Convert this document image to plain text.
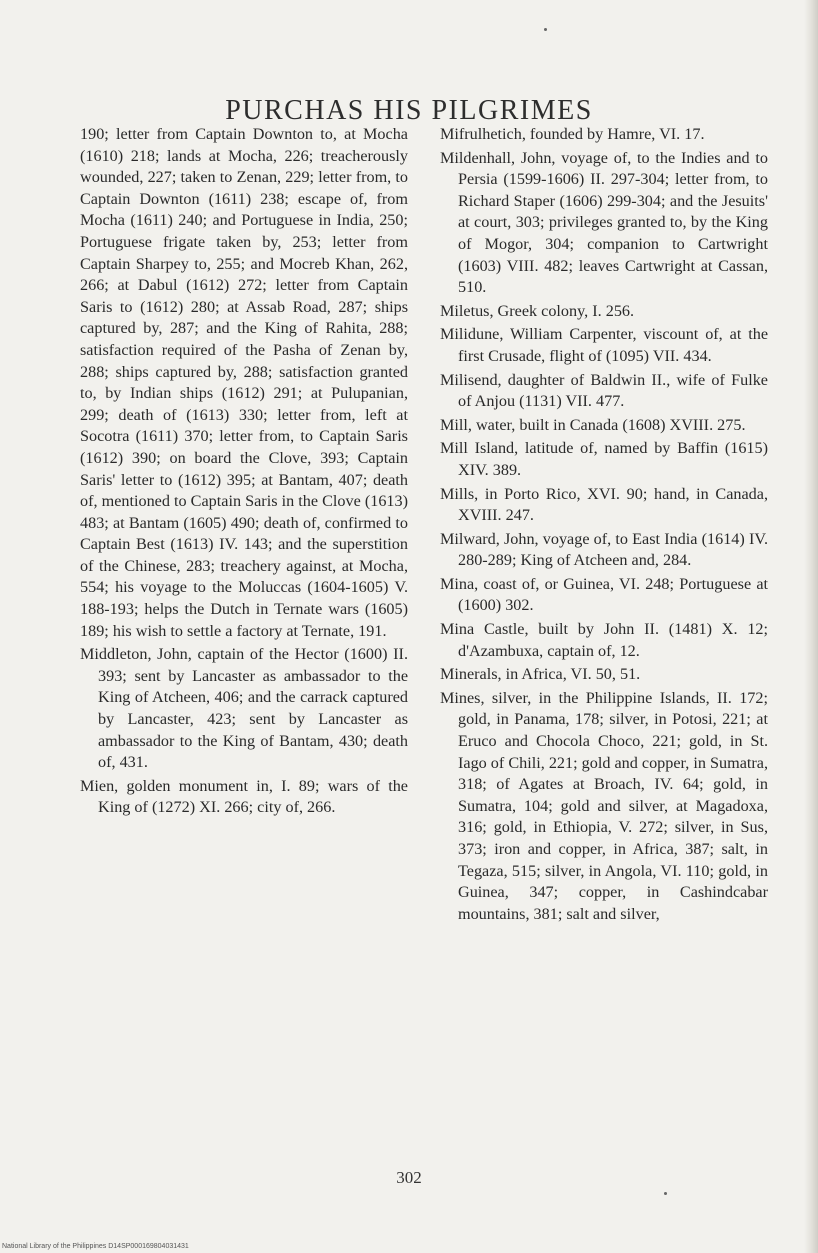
PURCHAS HIS PILGRIMES

190; letter from Captain Downton to, at Mocha (1610) 218; lands at Mocha, 226; treacherously wounded, 227; taken to Zenan, 229; letter from, to Captain Downton (1611) 238; escape of, from Mocha (1611) 240; and Portuguese in India, 250; Portuguese frigate taken by, 253; letter from Captain Sharpey to, 255; and Mocreb Khan, 262, 266; at Dabul (1612) 272; letter from Captain Saris to (1612) 280; at Assab Road, 287; ships captured by, 287; and the King of Rahita, 288; satisfaction required of the Pasha of Zenan by, 288; ships captured by, 288; satisfaction granted to, by Indian ships (1612) 291; at Pulupanian, 299; death of (1613) 330; letter from, left at Socotra (1611) 370; letter from, to Captain Saris (1612) 390; on board the Clove, 393; Captain Saris' letter to (1612) 395; at Bantam, 407; death of, mentioned to Captain Saris in the Clove (1613) 483; at Bantam (1605) 490; death of, confirmed to Captain Best (1613) IV. 143; and the superstition of the Chinese, 283; treachery against, at Mocha, 554; his voyage to the Moluccas (1604-1605) V. 188-193; helps the Dutch in Ternate wars (1605) 189; his wish to settle a factory at Ternate, 191.

Middleton, John, captain of the Hector (1600) II. 393; sent by Lancaster as ambassador to the King of Atcheen, 406; and the carrack captured by Lancaster, 423; sent by Lancaster as ambassador to the King of Bantam, 430; death of, 431.

Mien, golden monument in, I. 89; wars of the King of (1272) XI. 266; city of, 266.

Mifrulhetich, founded by Hamre, VI. 17.

Mildenhall, John, voyage of, to the Indies and to Persia (1599-1606) II. 297-304; letter from, to Richard Staper (1606) 299-304; and the Jesuits' at court, 303; privileges granted to, by the King of Mogor, 304; companion to Cartwright (1603) VIII. 482; leaves Cartwright at Cassan, 510.

Miletus, Greek colony, I. 256.

Milidune, William Carpenter, viscount of, at the first Crusade, flight of (1095) VII. 434.

Milisend, daughter of Baldwin II., wife of Fulke of Anjou (1131) VII. 477.

Mill, water, built in Canada (1608) XVIII. 275.

Mill Island, latitude of, named by Baffin (1615) XIV. 389.

Mills, in Porto Rico, XVI. 90; hand, in Canada, XVIII. 247.

Milward, John, voyage of, to East India (1614) IV. 280-289; King of Atcheen and, 284.

Mina, coast of, or Guinea, VI. 248; Portuguese at (1600) 302.

Mina Castle, built by John II. (1481) X. 12; d'Azambuxa, captain of, 12.

Minerals, in Africa, VI. 50, 51.

Mines, silver, in the Philippine Islands, II. 172; gold, in Panama, 178; silver, in Potosi, 221; at Eruco and Chocola Choco, 221; gold, in St. Iago of Chili, 221; gold and copper, in Sumatra, 318; of Agates at Broach, IV. 64; gold, in Sumatra, 104; gold and silver, at Magadoxa, 316; gold, in Ethiopia, V. 272; silver, in Sus, 373; iron and copper, in Africa, 387; salt, in Tegaza, 515; silver, in Angola, VI. 110; gold, in Guinea, 347; copper, in Cashindcabar mountains, 381; salt and silver,

302
National Library of the Philippines D14SP000169804031431
